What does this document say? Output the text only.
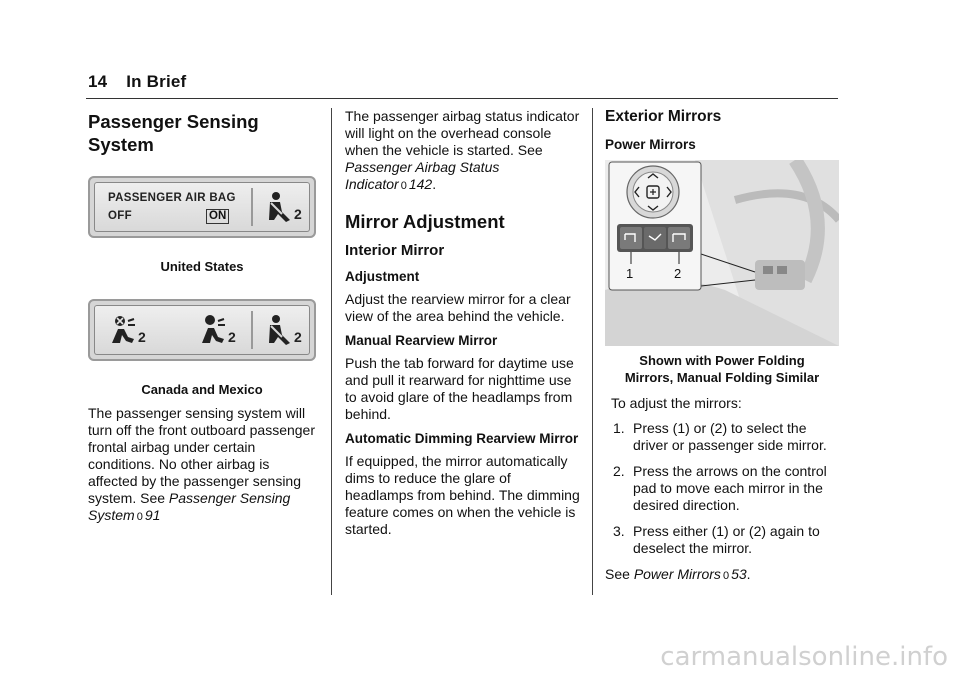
14 In Brief
Passenger Sensing
System
PASSENGER AIR BAG
OFF	ON	2
United States
2	2	2
Canada and Mexico

The passenger sensing system will turn off the front outboard passenger frontal airbag under certain conditions. No other airbag is affected by the passenger sensing system. See Passenger Sensing System 0 91

The passenger airbag status indicator will light on the overhead console when the vehicle is started. See Passenger Airbag Status Indicator 0 142.

Mirror Adjustment
Interior Mirror
Adjustment

Adjust the rearview mirror for a clear view of the area behind the vehicle.

Manual Rearview Mirror

Push the tab forward for daytime use and pull it rearward for nighttime use to avoid glare of the headlamps from behind.

Automatic Dimming Rearview Mirror

If equipped, the mirror automatically dims to reduce the glare of headlamps from behind. The dimming feature comes on when the vehicle is started.

Exterior Mirrors
Power Mirrors
1	2
Shown with Power Folding
Mirrors, Manual Folding Similar

To adjust the mirrors:

1. Press (1) or (2) to select the driver or passenger side mirror.
2. Press the arrows on the control pad to move each mirror in the desired direction.
3. Press either (1) or (2) again to deselect the mirror.

See Power Mirrors 0 53.

carmanualsonline.info
